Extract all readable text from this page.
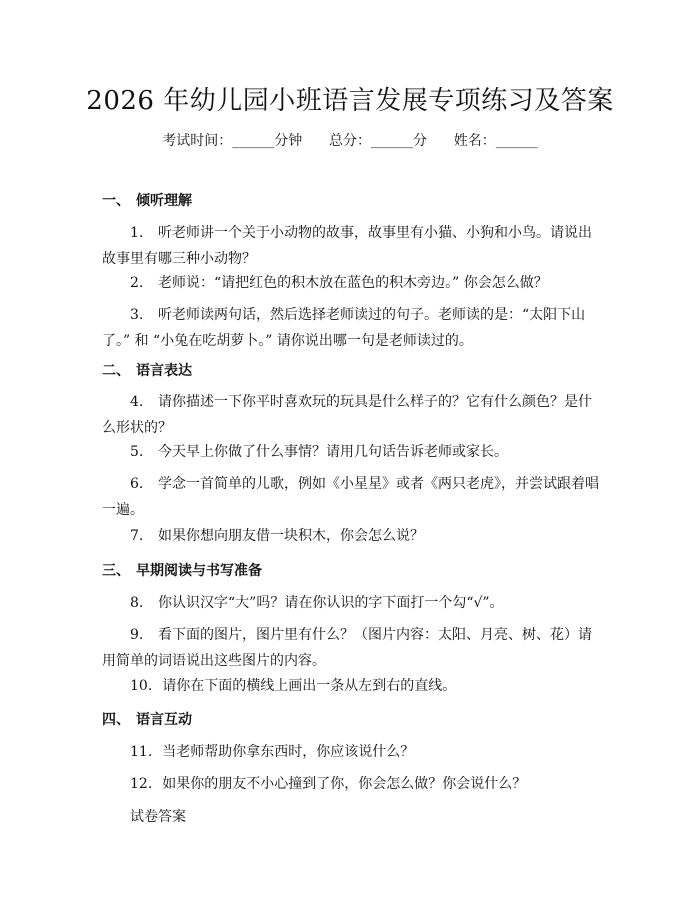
2026 年幼儿园小班语言发展专项练习及答案
考试时间：______分钟      总分：______分      姓名：______
一、 倾听理解

1. 听老师讲一个关于小动物的故事，故事里有小猫、小狗和小鸟。请说出故事里有哪三种小动物？

2. 老师说：“请把红色的积木放在蓝色的积木旁边。” 你会怎么做？

3. 听老师读两句话，然后选择老师读过的句子。老师读的是：“太阳下山了。” 和 “小兔在吃胡萝卜。” 请你说出哪一句是老师读过的。

二、 语言表达

4. 请你描述一下你平时喜欢玩的玩具是什么样子的？它有什么颜色？是什么形状的？

5. 今天早上你做了什么事情？请用几句话告诉老师或家长。

6. 学念一首简单的儿歌，例如《小星星》或者《两只老虎》，并尝试跟着唱一遍。

7. 如果你想向朋友借一块积木，你会怎么说？

三、 早期阅读与书写准备

8. 你认识汉字“大”吗？请在你认识的字下面打一个勾“√”。

9. 看下面的图片，图片里有什么？（图片内容：太阳、月亮、树、花）请用简单的词语说出这些图片的内容。

10. 请你在下面的横线上画出一条从左到右的直线。

四、 语言互动

11. 当老师帮助你拿东西时，你应该说什么？

12. 如果你的朋友不小心撞到了你，你会怎么做？你会说什么？

试卷答案
